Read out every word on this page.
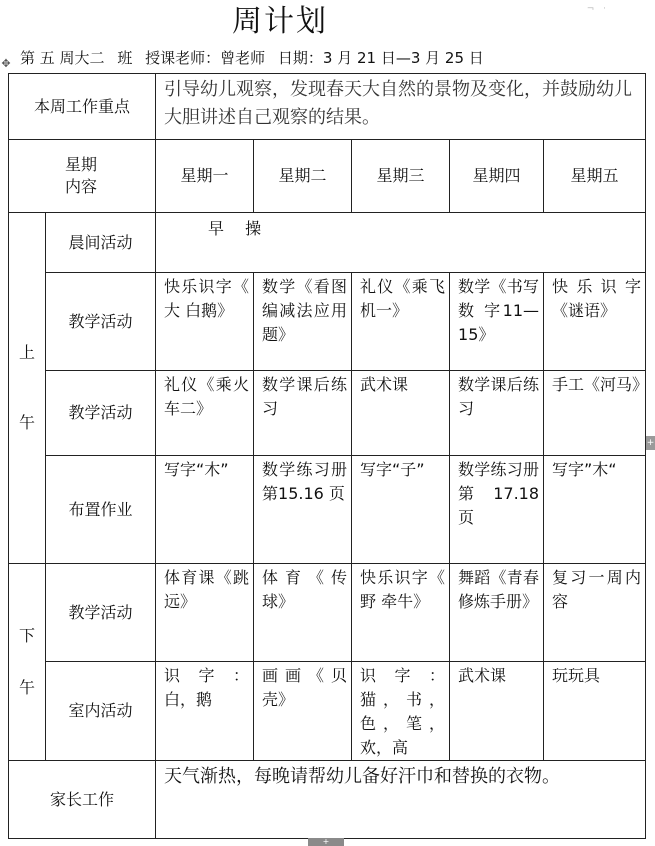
周计划	¬ ·
第 五 周大二 班 授课老师：曾老师 日期：3 月 21 日—3 月 25 日
✥
本周工作重点		引导幼儿观察，发现春天大自然的景物及变化，并鼓励幼儿大胆讲述自己观察的结果。				

星期
内容		星期一	星期二	星期三	星期四	星期五

上
午	晨间活动	早 操				

	教学活动	快乐识字《 大 白鹅》	数学《看图编减法应用题》	礼仪《乘飞机一》	数学《书写 数 字11—15》	快乐识字《谜语》

	教学活动	礼仪《乘火车二》	数学课后练习	武术课	数学课后练习	手工《河马》

	布置作业	写字“木”	数学练习册 第15.16 页	写字“子”	数学练习册 第17.18 页	写字”木“

下
午	教学活动	体育课《跳远》	体育《传球》	快乐识字《 野 牵牛》	舞蹈《青春修炼手册》	复习一周内容

	室内活动	识 字 ：白，鹅	画画《贝壳》	识 字 ：猫，书，色，笔，欢，高	武术课	玩玩具

家长工作		天气渐热，每晚请帮幼儿备好汗巾和替换的衣物。				
+
+
